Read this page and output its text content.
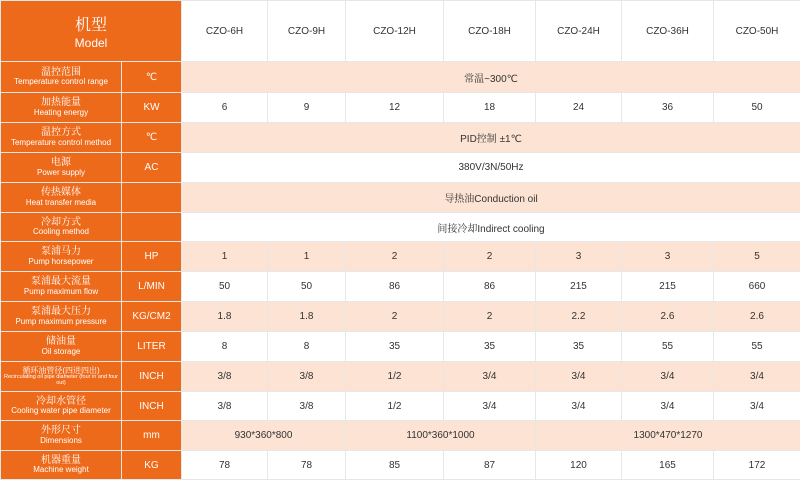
机型
Model		CZO-6H	CZO-9H	CZO-12H	CZO-18H	CZO-24H	CZO-36H	CZO-50H

温控范围
Temperature control range	℃	常温~300℃						

加热能量
Heating energy	KW	6	9	12	18	24	36	50

温控方式
Temperature control method	℃	PID控制 ±1℃						

电源
Power supply	AC	380V/3N/50Hz						

传热媒体
Heat transfer media		导热油Conduction oil						

冷却方式
Cooling method		间接冷却Indirect cooling						

泵浦马力
Pump horsepower	HP	1	1	2	2	3	3	5

泵浦最大流量
Pump maximum flow	L/MIN	50	50	86	86	215	215	660

泵浦最大压力
Pump maximum pressure	KG/CM2	1.8	1.8	2	2	2.2	2.6	2.6

储油量
Oil storage	LITER	8	8	35	35	35	55	55

循环油管径(四进四出)
Recirculating oil pipe diameter (four in and four out)	INCH	3/8	3/8	1/2	3/4	3/4	3/4	3/4

冷却水管径
Cooling water pipe diameter	INCH	3/8	3/8	1/2	3/4	3/4	3/4	3/4

外形尺寸
Dimensions	mm	930*360*800		1100*360*1000		1300*470*1270		

机器重量
Machine weight	KG	78	78	85	87	120	165	172
